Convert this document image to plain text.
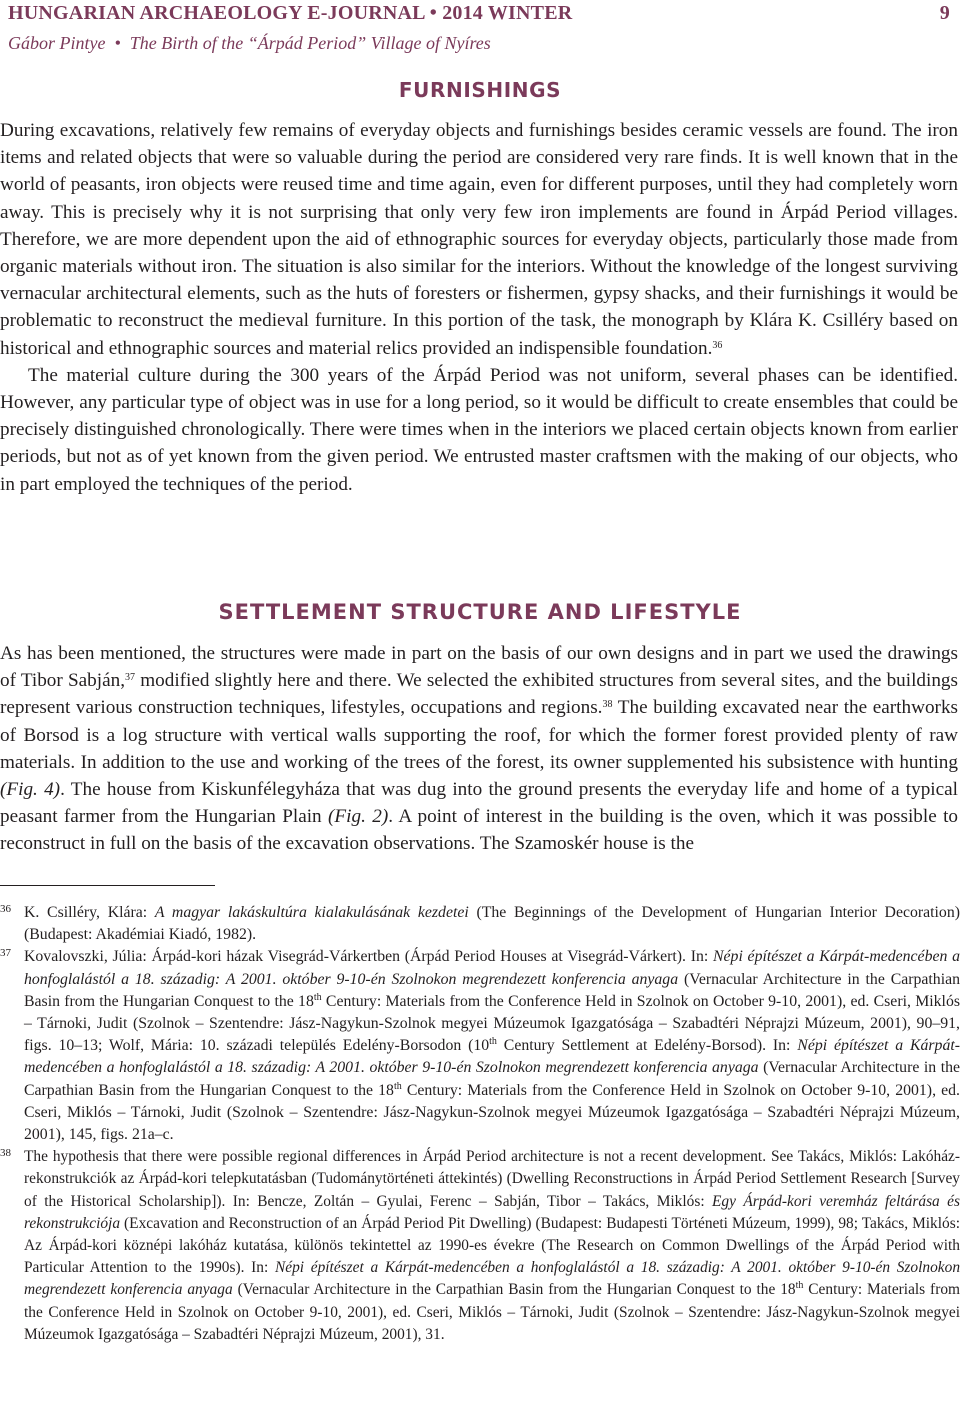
HUNGARIAN ARCHAEOLOGY E-JOURNAL • 2014 WINTER	9
Gábor Pintye • The Birth of the “Árpád Period” Village of Nyíres
FURNISHINGS

During excavations, relatively few remains of everyday objects and furnishings besides ceramic vessels are found. The iron items and related objects that were so valuable during the period are considered very rare finds. It is well known that in the world of peasants, iron objects were reused time and time again, even for different purposes, until they had completely worn away. This is precisely why it is not surprising that only very few iron implements are found in Árpád Period villages. Therefore, we are more dependent upon the aid of ethnographic sources for everyday objects, particularly those made from organic materials without iron. The situation is also similar for the interiors. Without the knowledge of the longest surviving vernacular architectural elements, such as the huts of foresters or fishermen, gypsy shacks, and their furnishings it would be problematic to reconstruct the medieval furniture. In this portion of the task, the monograph by Klára K. Csilléry based on historical and ethnographic sources and material relics provided an indispensible foundation.$^{36}$

The material culture during the 300 years of the Árpád Period was not uniform, several phases can be identified. However, any particular type of object was in use for a long period, so it would be difficult to create ensembles that could be precisely distinguished chronologically. There were times when in the interiors we placed certain objects known from earlier periods, but not as of yet known from the given period. We entrusted master craftsmen with the making of our objects, who in part employed the techniques of the period.

SETTLEMENT STRUCTURE AND LIFESTYLE

As has been mentioned, the structures were made in part on the basis of our own designs and in part we used the drawings of Tibor Sabján,$^{37}$ modified slightly here and there. We selected the exhibited structures from several sites, and the buildings represent various construction techniques, lifestyles, occupations and regions.$^{38}$ The building excavated near the earthworks of Borsod is a log structure with vertical walls supporting the roof, for which the former forest provided plenty of raw materials. In addition to the use and working of the trees of the forest, its owner supplemented his subsistence with hunting (Fig. 4). The house from Kiskunfélegyháza that was dug into the ground presents the everyday life and home of a typical peasant farmer from the Hungarian Plain (Fig. 2). A point of interest in the building is the oven, which it was possible to reconstruct in full on the basis of the excavation observations. The Szamoskér house is the

36 K. Csilléry, Klára: A magyar lakáskultúra kialakulásának kezdetei (The Beginnings of the Development of Hungarian Interior Decoration) (Budapest: Akadémiai Kiadó, 1982).

37 Kovalovszki, Júlia: Árpád-kori házak Visegrád-Várkertben (Árpád Period Houses at Visegrád-Várkert). In: Népi építészet a Kárpát-medencében a honfoglalástól a 18. századig: A 2001. október 9-10-én Szolnokon megrendezett konferencia anyaga (Vernacular Architecture in the Carpathian Basin from the Hungarian Conquest to the 18th Century: Materials from the Conference Held in Szolnok on October 9-10, 2001), ed. Cseri, Miklós – Tárnoki, Judit (Szolnok – Szentendre: Jász-Nagykun-Szolnok megyei Múzeumok Igazgatósága – Szabadtéri Néprajzi Múzeum, 2001), 90–91, figs. 10–13; Wolf, Mária: 10. századi település Edelény-Borsodon (10th Century Settlement at Edelény-Borsod). In: Népi építészet a Kárpát-medencében a honfoglalástól a 18. századig: A 2001. október 9-10-én Szolnokon megrendezett konferencia anyaga (Vernacular Architecture in the Carpathian Basin from the Hungarian Conquest to the 18th Century: Materials from the Conference Held in Szolnok on October 9-10, 2001), ed. Cseri, Miklós – Tárnoki, Judit (Szolnok – Szentendre: Jász-Nagykun-Szolnok megyei Múzeumok Igazgatósága – Szabadtéri Néprajzi Múzeum, 2001), 145, figs. 21a–c.

38 The hypothesis that there were possible regional differences in Árpád Period architecture is not a recent development. See Takács, Miklós: Lakóház-rekonstrukciók az Árpád-kori telepkutatásban (Tudománytörténeti áttekintés) (Dwelling Reconstructions in Árpád Period Settlement Research [Survey of the Historical Scholarship]). In: Bencze, Zoltán – Gyulai, Ferenc – Sabján, Tibor – Takács, Miklós: Egy Árpád-kori veremház feltárása és rekonstrukciója (Excavation and Reconstruction of an Árpád Period Pit Dwelling) (Budapest: Budapesti Történeti Múzeum, 1999), 98; Takács, Miklós: Az Árpád-kori köznépi lakóház kutatása, különös tekintettel az 1990-es évekre (The Research on Common Dwellings of the Árpád Period with Particular Attention to the 1990s). In: Népi építészet a Kárpát-medencében a honfoglalástól a 18. századig: A 2001. október 9-10-én Szolnokon megrendezett konferencia anyaga (Vernacular Architecture in the Carpathian Basin from the Hungarian Conquest to the 18th Century: Materials from the Conference Held in Szolnok on October 9-10, 2001), ed. Cseri, Miklós – Tárnoki, Judit (Szolnok – Szentendre: Jász-Nagykun-Szolnok megyei Múzeumok Igazgatósága – Szabadtéri Néprajzi Múzeum, 2001), 31.
